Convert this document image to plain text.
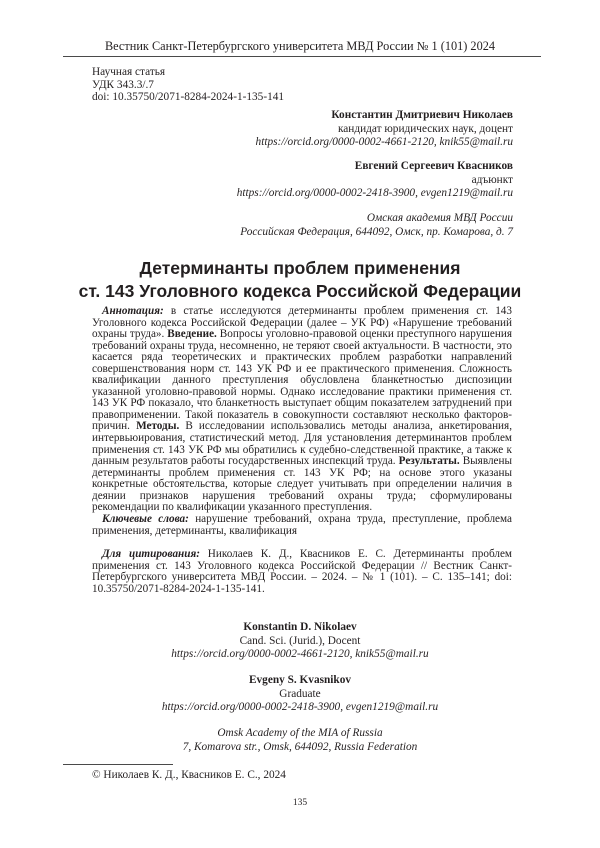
Вестник Санкт-Петербургского университета МВД России № 1 (101) 2024
Научная статья
УДК 343.3/.7
doi: 10.35750/2071-8284-2024-1-135-141
Константин Дмитриевич Николаев
кандидат юридических наук, доцент
https://orcid.org/0000-0002-4661-2120, knik55@mail.ru
Евгений Сергеевич Квасников
адъюнкт
https://orcid.org/0000-0002-2418-3900, evgen1219@mail.ru
Омская академия МВД России
Российская Федерация, 644092, Омск, пр. Комарова, д. 7
Детерминанты проблем применения
ст. 143 Уголовного кодекса Российской Федерации
Аннотация: в статье исследуются детерминанты проблем применения ст. 143 Уголовного кодекса Российской Федерации (далее – УК РФ) «Нарушение требований охраны труда». Введение. Вопросы уголовно-правовой оценки преступного нарушения требований охраны труда, несомненно, не теряют своей актуальности. В частности, это касается ряда теоретических и практических проблем разработки направлений совершенствования норм ст. 143 УК РФ и ее практического применения. Сложность квалификации данного преступления обусловлена бланкетностью диспозиции указанной уголовно-правовой нормы. Однако исследование практики применения ст. 143 УК РФ показало, что бланкетность выступает общим показателем затруднений при правоприменении. Такой показатель в совокупности составляют несколько факторов-причин. Методы. В исследовании использовались методы анализа, анкетирования, интервьюирования, статистический метод. Для установления детерминантов проблем применения ст. 143 УК РФ мы обратились к судебно-следственной практике, а также к данным результатов работы государственных инспекций труда. Результаты. Выявлены детерминанты проблем применения ст. 143 УК РФ; на основе этого указаны конкретные обстоятельства, которые следует учитывать при определении наличия в деянии признаков нарушения требований охраны труда; сформулированы рекомендации по квалификации указанного преступления.
Ключевые слова: нарушение требований, охрана труда, преступление, проблема применения, детерминанты, квалификация
Для цитирования: Николаев К. Д., Квасников Е. С. Детерминанты проблем применения ст. 143 Уголовного кодекса Российской Федерации // Вестник Санкт-Петербургского университета МВД России. – 2024. – № 1 (101). – С. 135–141; doi: 10.35750/2071-8284-2024-1-135-141.
Konstantin D. Nikolaev
Cand. Sci. (Jurid.), Docent
https://orcid.org/0000-0002-4661-2120, knik55@mail.ru
Evgeny S. Kvasnikov
Graduate
https://orcid.org/0000-0002-2418-3900, evgen1219@mail.ru
Omsk Academy of the MIA of Russia
7, Komarova str., Omsk, 644092, Russia Federation
© Николаев К. Д., Квасников Е. С., 2024
135
